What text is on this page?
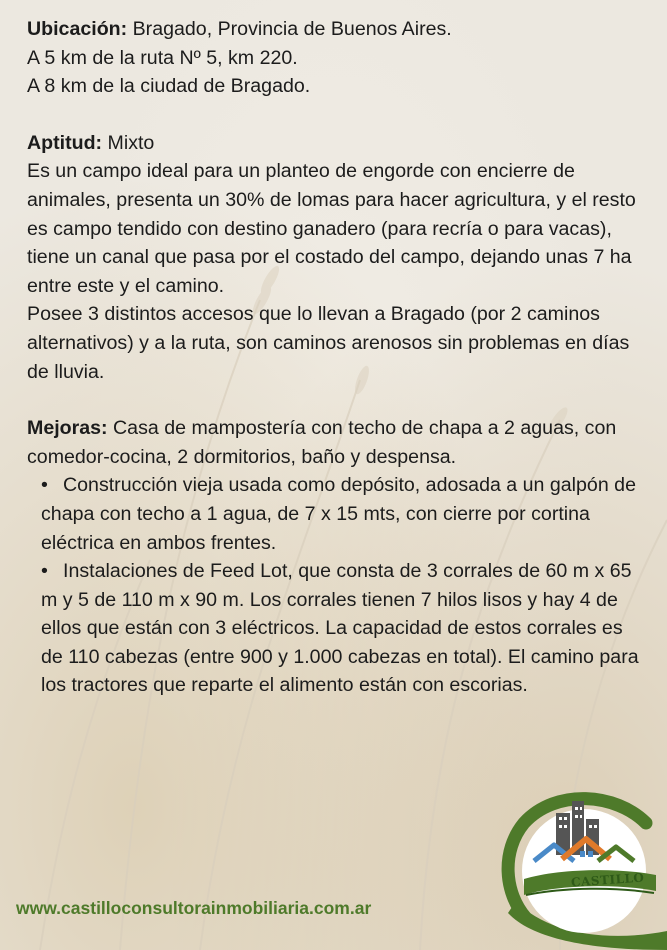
Ubicación: Bragado, Provincia de Buenos Aires.

A 5 km de la ruta Nº 5, km 220.

A 8 km de la ciudad de Bragado.

Aptitud: Mixto

Es un campo ideal para un planteo de engorde con encierre de animales, presenta un 30% de lomas para hacer agricultura, y el resto es campo tendido con destino ganadero (para recría o para vacas), tiene un canal que pasa por el costado del campo, dejando unas 7 ha entre este y el camino.

Posee 3 distintos accesos que lo llevan a Bragado (por 2 caminos alternativos) y a la ruta, son caminos arenosos sin problemas en días de lluvia.

Mejoras: Casa de mampostería con techo de chapa a 2 aguas, con comedor-cocina, 2 dormitorios, baño y despensa.

• Construcción vieja usada como depósito, adosada a un galpón de chapa con techo a 1 agua, de 7 x 15 mts, con cierre por cortina eléctrica en ambos frentes.

• Instalaciones de Feed Lot, que consta de 3 corrales de 60 m x 65 m y 5 de 110 m x 90 m. Los corrales tienen 7 hilos lisos y hay 4 de ellos que están con 3 eléctricos. La capacidad de estos corrales es de 110 cabezas (entre 900 y 1.000 cabezas en total). El camino para los tractores que reparte el alimento están con escorias.

www.castilloconsultorainmobiliaria.com.ar
CASTILLO
